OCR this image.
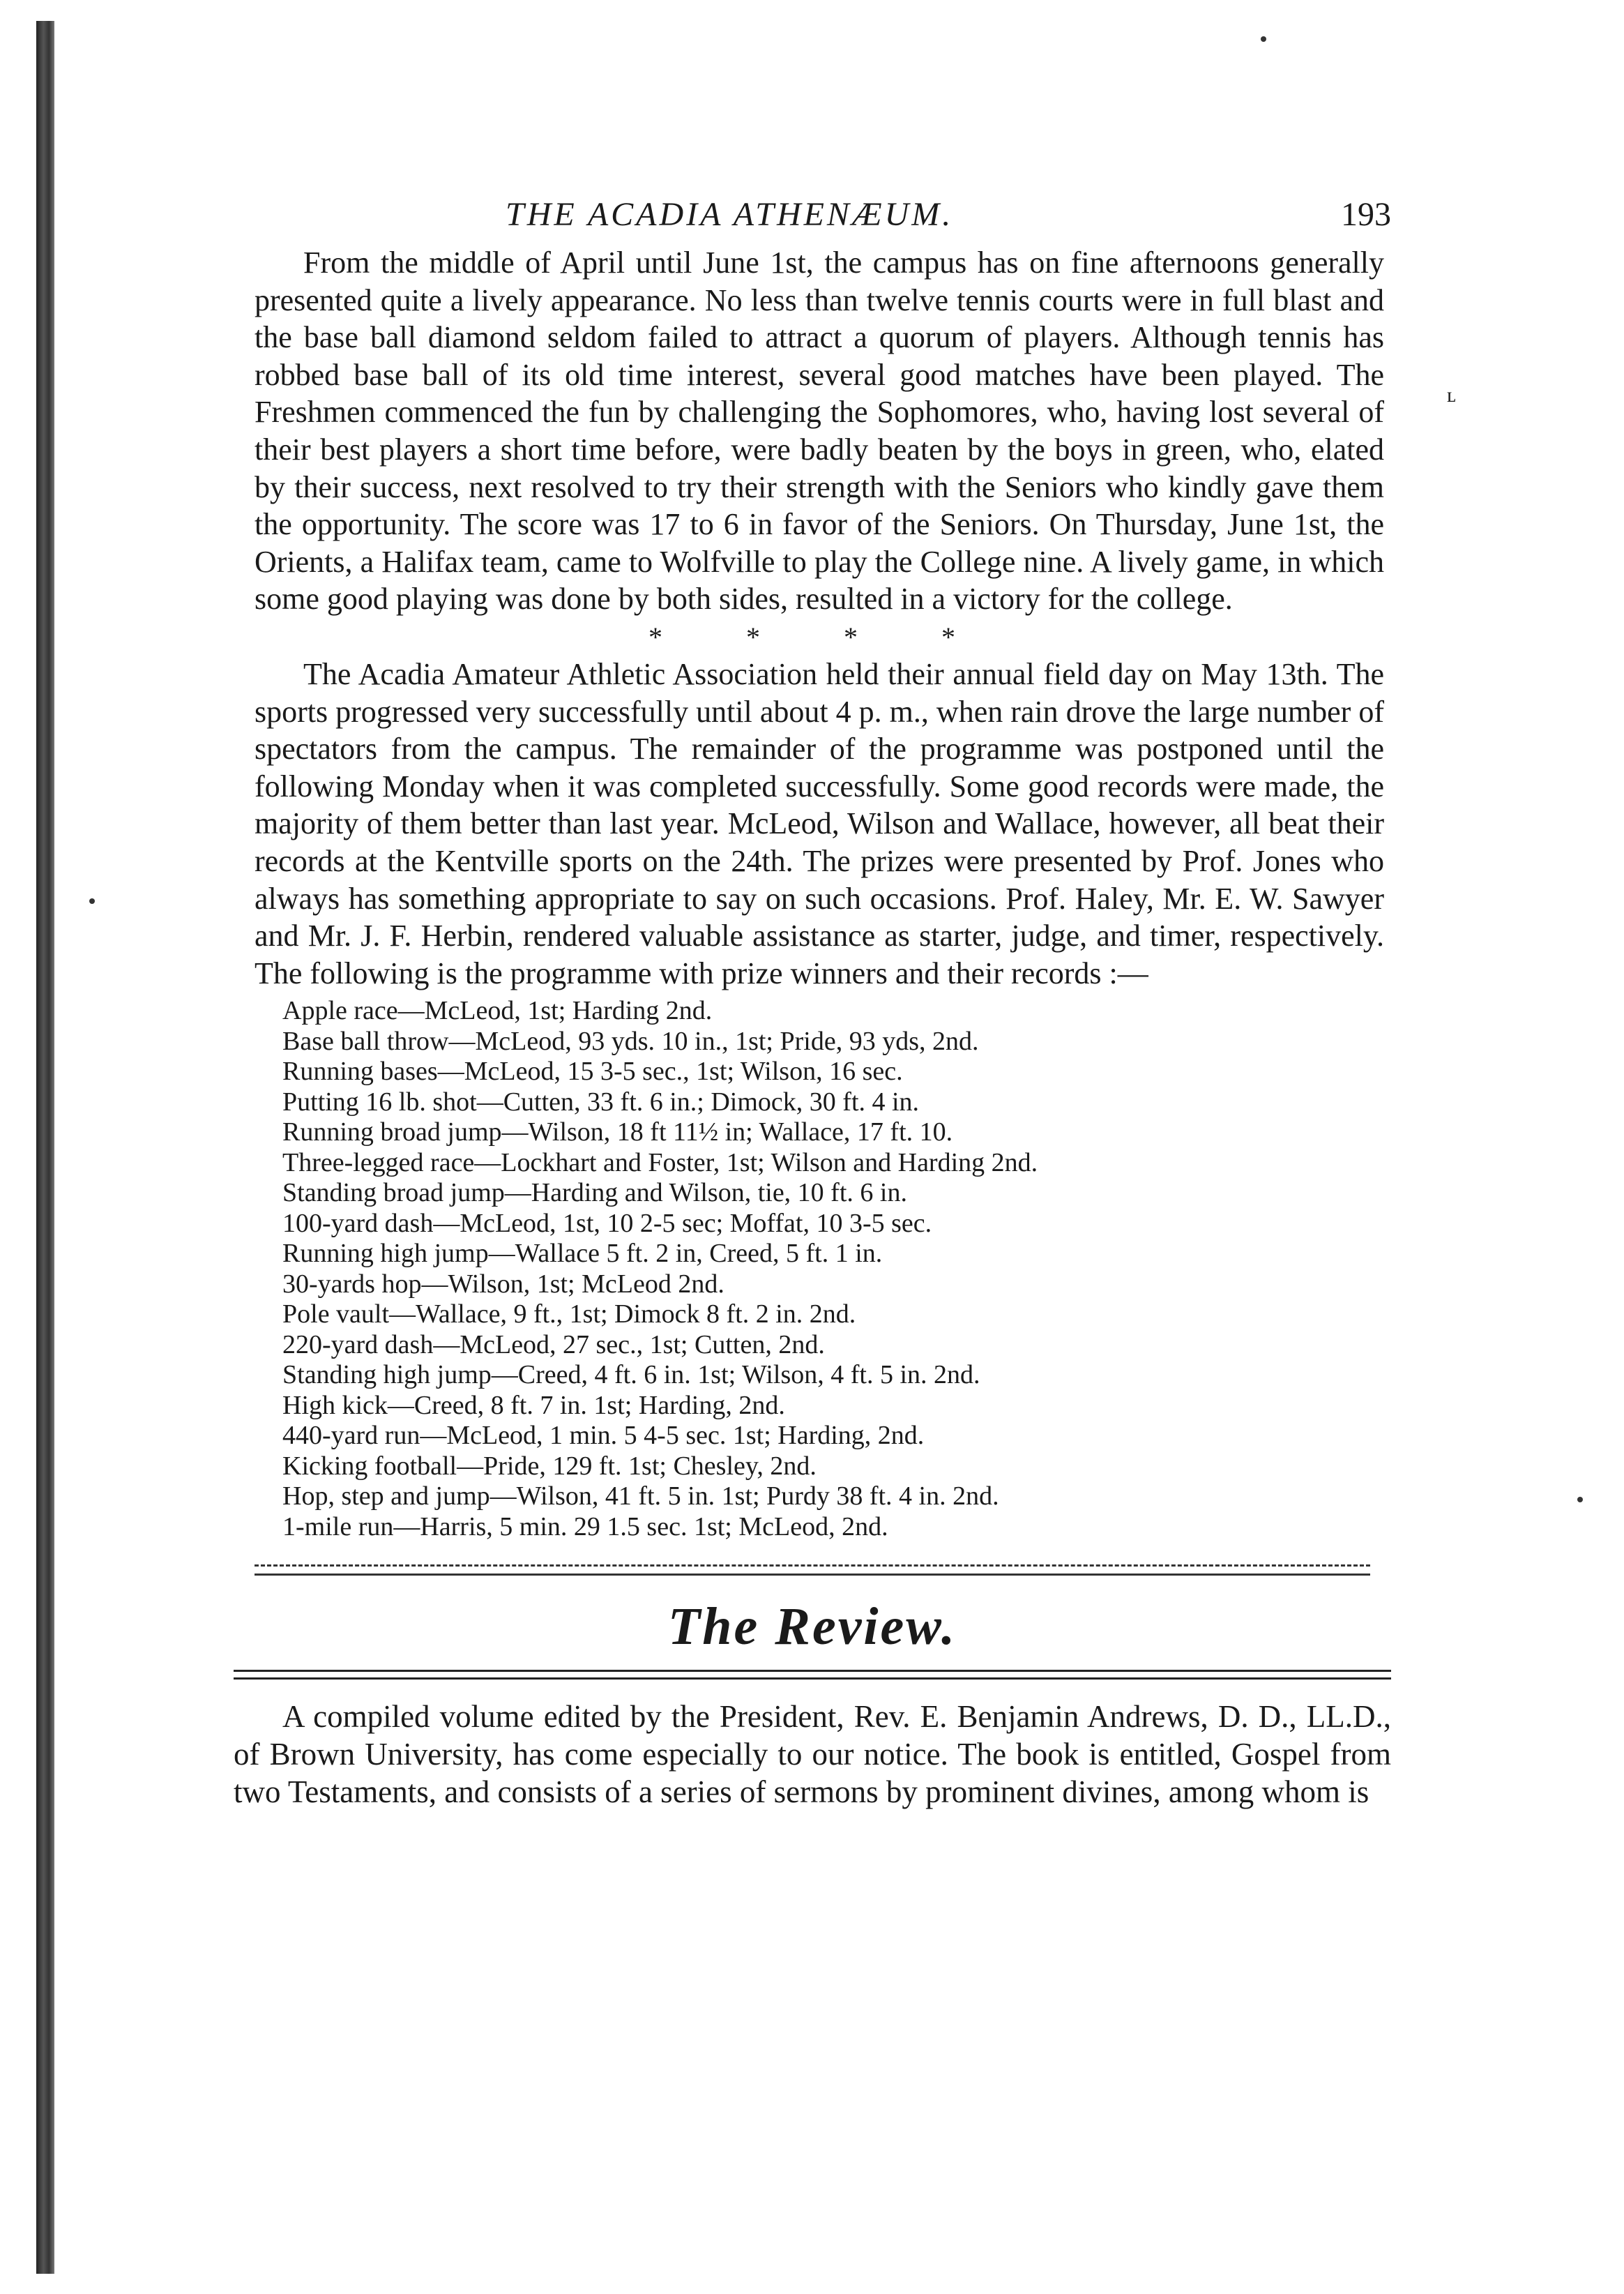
ʟ
THE ACADIA ATHENÆUM.	193

From the middle of April until June 1st, the campus has on fine afternoons generally presented quite a lively appearance. No less than twelve tennis courts were in full blast and the base ball diamond seldom failed to attract a quorum of players. Although tennis has robbed base ball of its old time interest, several good matches have been played. The Freshmen commenced the fun by challenging the Sophomores, who, having lost several of their best players a short time before, were badly beaten by the boys in green, who, elated by their success, next resolved to try their strength with the Seniors who kindly gave them the opportunity. The score was 17 to 6 in favor of the Seniors. On Thursday, June 1st, the Orients, a Halifax team, came to Wolfville to play the College nine. A lively game, in which some good playing was done by both sides, resulted in a victory for the college.

*	*	*	*

The Acadia Amateur Athletic Association held their annual field day on May 13th. The sports progressed very successfully until about 4 p. m., when rain drove the large number of spectators from the campus. The remainder of the programme was postponed until the following Monday when it was completed successfully. Some good records were made, the majority of them better than last year. McLeod, Wilson and Wallace, however, all beat their records at the Kentville sports on the 24th. The prizes were presented by Prof. Jones who always has something appropriate to say on such occasions. Prof. Haley, Mr. E. W. Sawyer and Mr. J. F. Herbin, rendered valuable assistance as starter, judge, and timer, respectively. The following is the programme with prize winners and their records :—

Apple race—McLeod, 1st; Harding 2nd.
Base ball throw—McLeod, 93 yds. 10 in., 1st; Pride, 93 yds, 2nd.
Running bases—McLeod, 15 3-5 sec., 1st; Wilson, 16 sec.
Putting 16 lb. shot—Cutten, 33 ft. 6 in.; Dimock, 30 ft. 4 in.
Running broad jump—Wilson, 18 ft 11½ in; Wallace, 17 ft. 10.
Three-legged race—Lockhart and Foster, 1st; Wilson and Harding 2nd.
Standing broad jump—Harding and Wilson, tie, 10 ft. 6 in.
100-yard dash—McLeod, 1st, 10 2-5 sec; Moffat, 10 3-5 sec.
Running high jump—Wallace 5 ft. 2 in, Creed, 5 ft. 1 in.
30-yards hop—Wilson, 1st; McLeod 2nd.
Pole vault—Wallace, 9 ft., 1st; Dimock 8 ft. 2 in. 2nd.
220-yard dash—McLeod, 27 sec., 1st; Cutten, 2nd.
Standing high jump—Creed, 4 ft. 6 in. 1st; Wilson, 4 ft. 5 in. 2nd.
High kick—Creed, 8 ft. 7 in. 1st; Harding, 2nd.
440-yard run—McLeod, 1 min. 5 4-5 sec. 1st; Harding, 2nd.
Kicking football—Pride, 129 ft. 1st; Chesley, 2nd.
Hop, step and jump—Wilson, 41 ft. 5 in. 1st; Purdy 38 ft. 4 in. 2nd.
1-mile run—Harris, 5 min. 29 1.5 sec. 1st; McLeod, 2nd.
The Review.

A compiled volume edited by the President, Rev. E. Benjamin Andrews, D. D., LL.D., of Brown University, has come especially to our notice. The book is entitled, Gospel from two Testaments, and consists of a series of sermons by prominent divines, among whom is
